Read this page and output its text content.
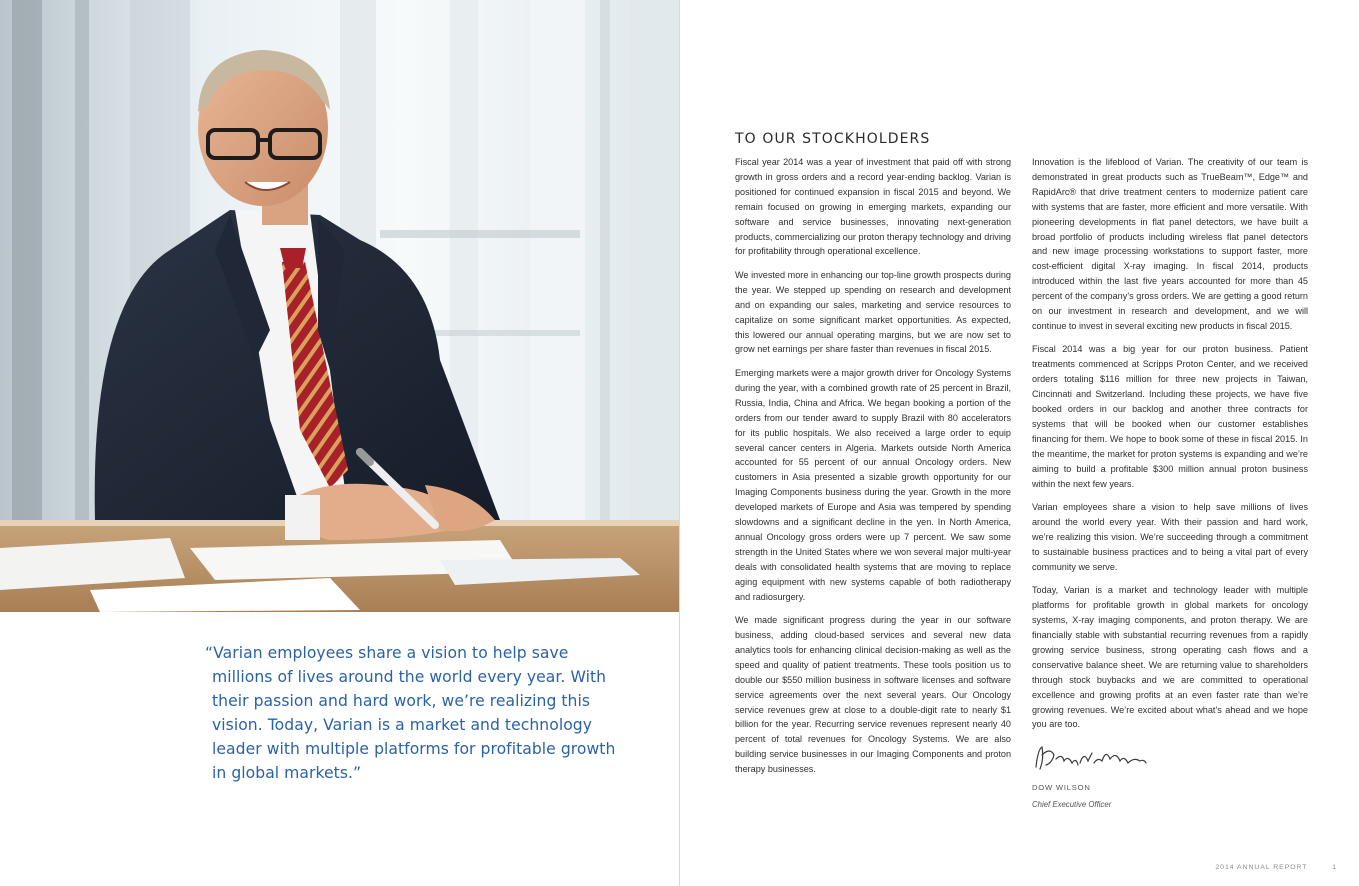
“Varian employees share a vision to help save
millions of lives around the world every year. With
their passion and hard work, we’re realizing this
vision. Today, Varian is a market and technology
leader with multiple platforms for profitable growth
in global markets.”
TO OUR STOCKHOLDERS

Fiscal year 2014 was a year of investment that paid off with strong growth in gross orders and a record year-ending backlog. Varian is positioned for continued expansion in fiscal 2015 and beyond. We remain focused on growing in emerging markets, expanding our software and service businesses, innovating next-generation products, commercializing our proton therapy technology and driving for profitability through operational excellence.

We invested more in enhancing our top-line growth prospects during the year. We stepped up spending on research and development and on expanding our sales, marketing and service resources to capitalize on some significant market opportunities. As expected, this lowered our annual operating margins, but we are now set to grow net earnings per share faster than revenues in fiscal 2015.

Emerging markets were a major growth driver for Oncology Systems during the year, with a combined growth rate of 25 percent in Brazil, Russia, India, China and Africa. We began booking a portion of the orders from our tender award to supply Brazil with 80 accelerators for its public hospitals. We also received a large order to equip several cancer centers in Algeria. Markets outside North America accounted for 55 percent of our annual Oncology orders. New customers in Asia presented a sizable growth opportunity for our Imaging Components business during the year. Growth in the more developed markets of Europe and Asia was tempered by spending slowdowns and a significant decline in the yen. In North America, annual Oncology gross orders were up 7 percent. We saw some strength in the United States where we won several major multi-year deals with consolidated health systems that are moving to replace aging equipment with new systems capable of both radiotherapy and radiosurgery.

We made significant progress during the year in our software business, adding cloud-based services and several new data analytics tools for enhancing clinical decision-making as well as the speed and quality of patient treatments. These tools position us to double our $550 million business in software licenses and software service agreements over the next several years. Our Oncology service revenues grew at close to a double-digit rate to nearly $1 billion for the year. Recurring service revenues represent nearly 40 percent of total revenues for Oncology Systems. We are also building service businesses in our Imaging Components and proton therapy businesses.

Innovation is the lifeblood of Varian. The creativity of our team is demonstrated in great products such as TrueBeam™, Edge™ and RapidArc® that drive treatment centers to modernize patient care with systems that are faster, more efficient and more versatile. With pioneering developments in flat panel detectors, we have built a broad portfolio of products including wireless flat panel detectors and new image processing workstations to support faster, more cost-efficient digital X-ray imaging. In fiscal 2014, products introduced within the last five years accounted for more than 45 percent of the company’s gross orders. We are getting a good return on our investment in research and development, and we will continue to invest in several exciting new products in fiscal 2015.

Fiscal 2014 was a big year for our proton business. Patient treatments commenced at Scripps Proton Center, and we received orders totaling $116 million for three new projects in Taiwan, Cincinnati and Switzerland. Including these projects, we have five booked orders in our backlog and another three contracts for systems that will be booked when our customer establishes financing for them. We hope to book some of these in fiscal 2015. In the meantime, the market for proton systems is expanding and we’re aiming to build a profitable $300 million annual proton business within the next few years.

Varian employees share a vision to help save millions of lives around the world every year. With their passion and hard work, we’re realizing this vision. We’re succeeding through a commitment to sustainable business practices and to being a vital part of every community we serve.

Today, Varian is a market and technology leader with multiple platforms for profitable growth in global markets for oncology systems, X-ray imaging components, and proton therapy. We are financially stable with substantial recurring revenues from a rapidly growing service business, strong operating cash flows and a conservative balance sheet. We are returning value to shareholders through stock buybacks and we are committed to operational excellence and growing profits at an even faster rate than we’re growing revenues. We’re excited about what’s ahead and we hope you are too.

DOW WILSON
Chief Executive Officer
2014 ANNUAL REPORT	1
